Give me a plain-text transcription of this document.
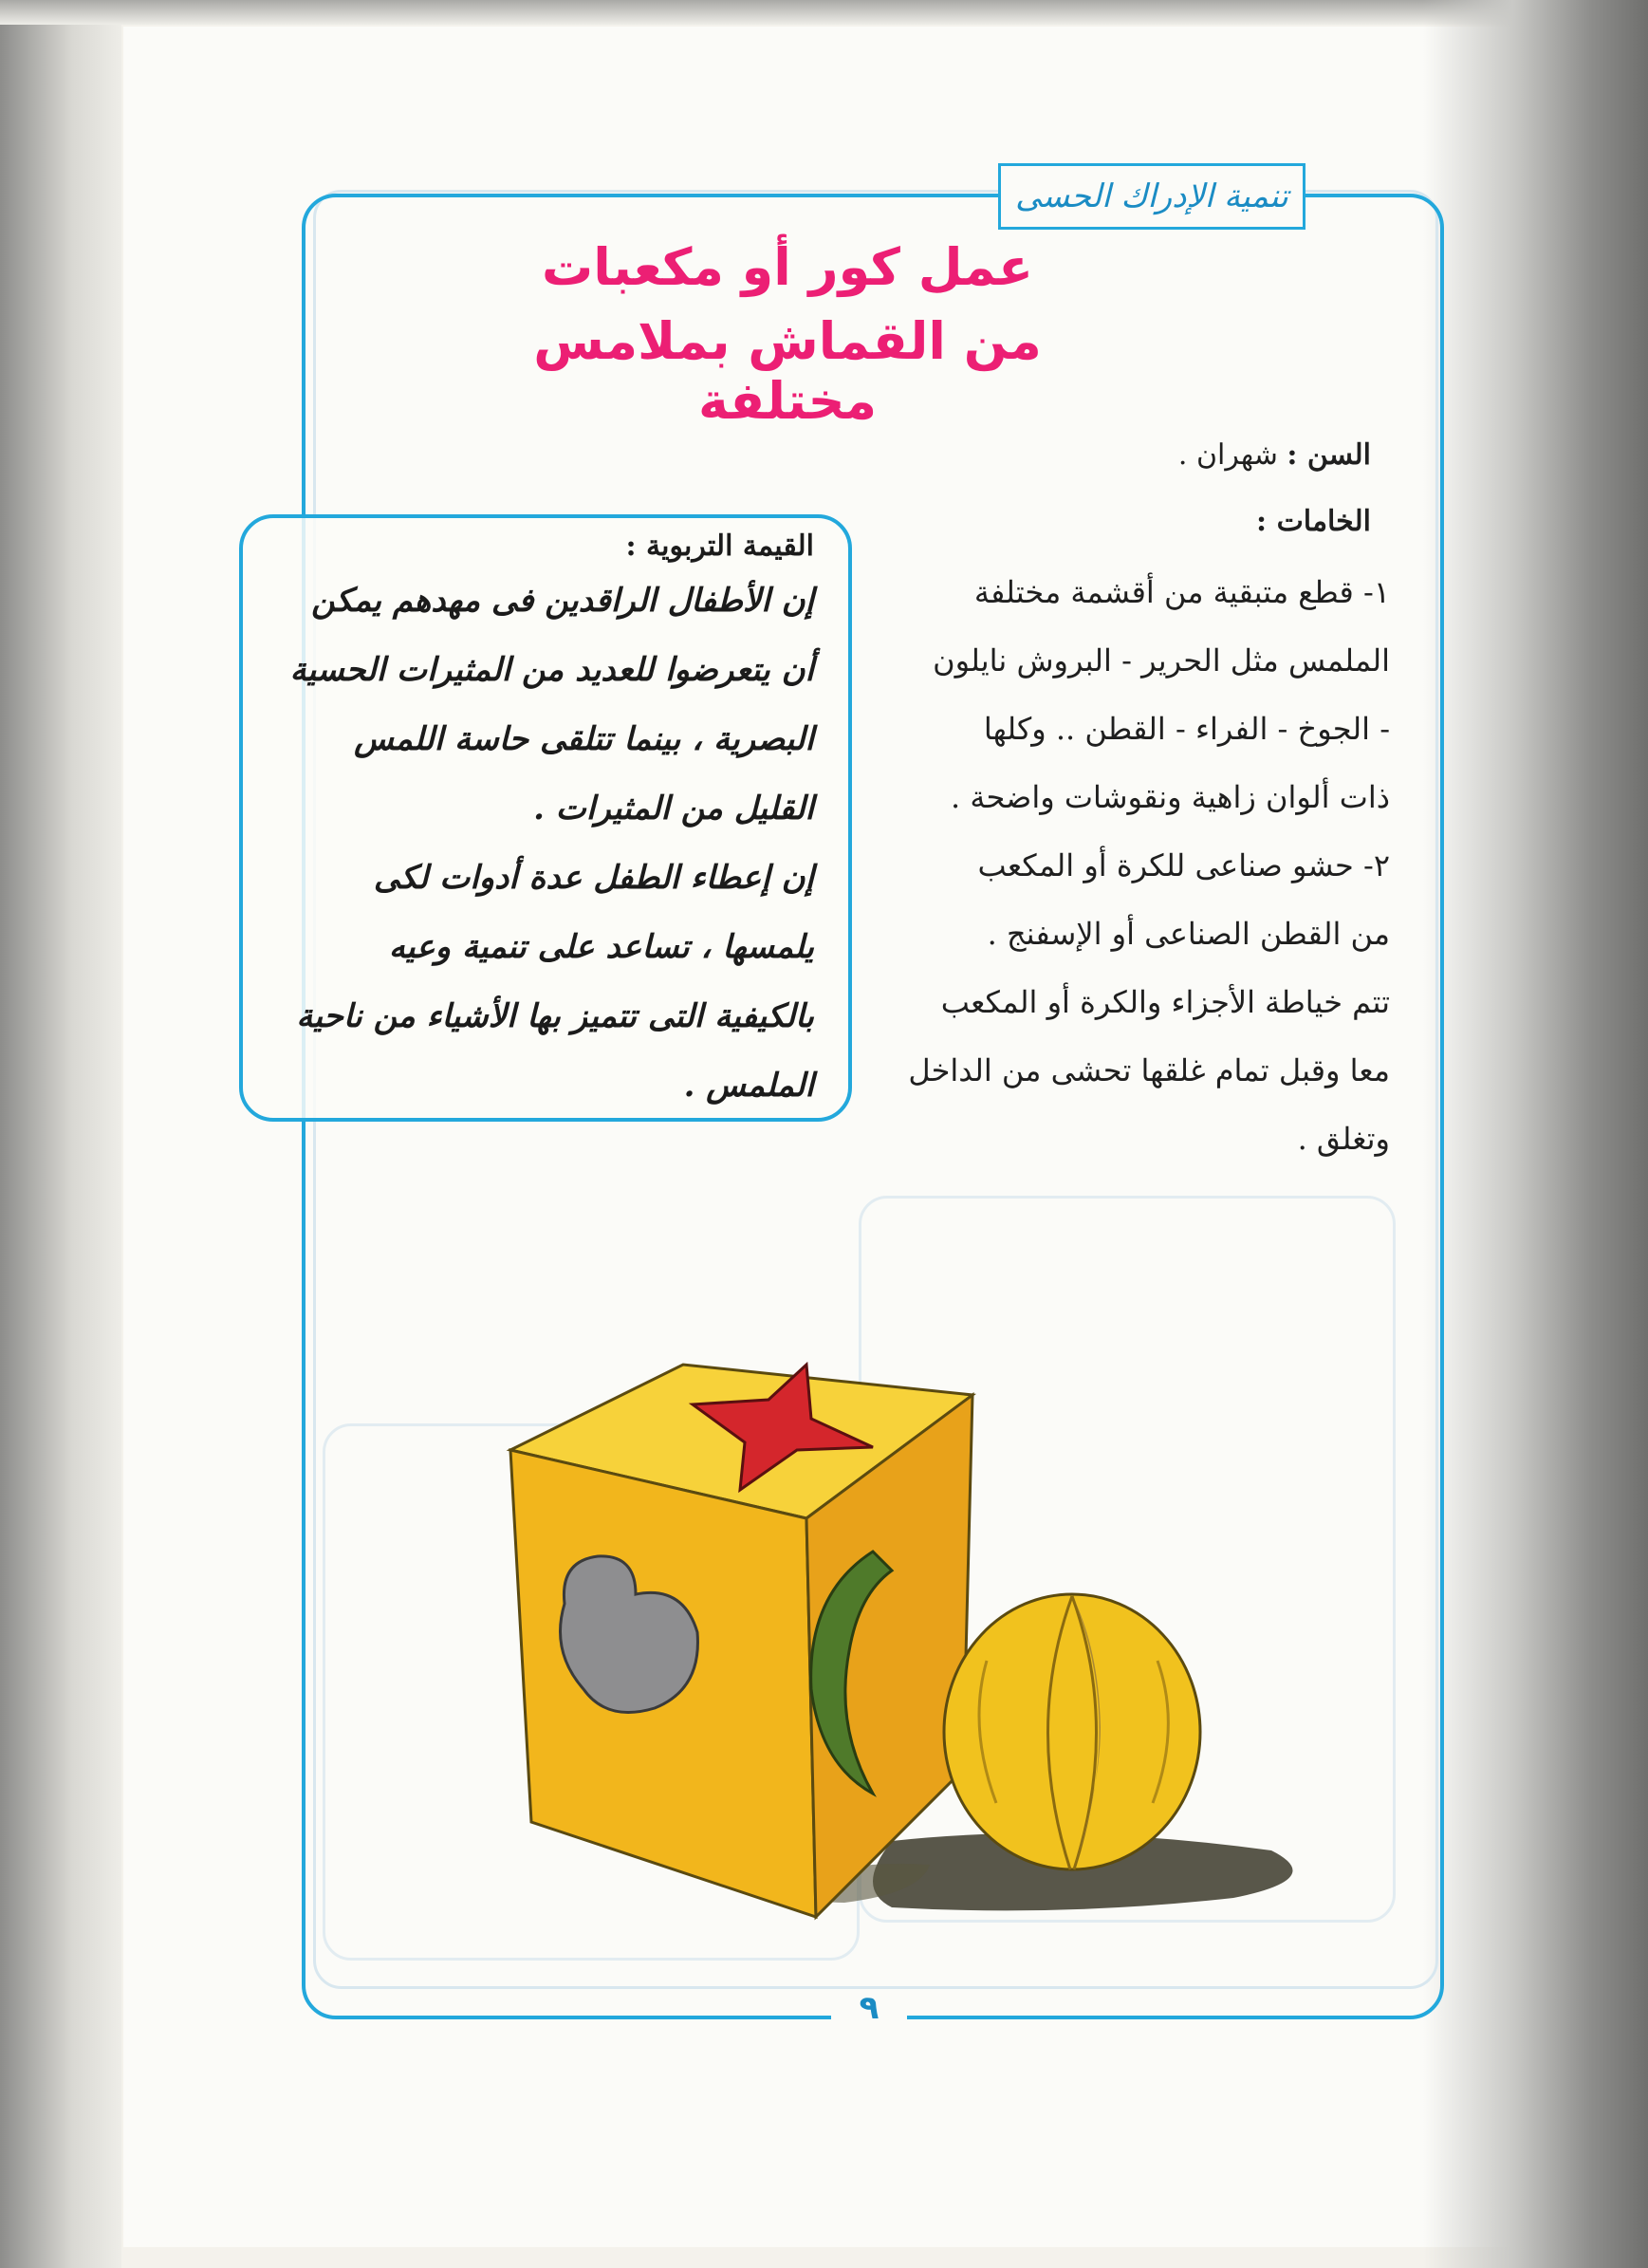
تنمية الإدراك الحسى
عمل كور أو مكعبات
من القماش بملامس مختلفة
السن : شهران .
الخامات :

١- قطع متبقية من أقشمة مختلفة

الملمس مثل الحرير - البروش نايلون

- الجوخ - الفراء - القطن .. وكلها

ذات ألوان زاهية ونقوشات واضحة .

٢- حشو صناعى للكرة أو المكعب

من القطن الصناعى أو الإسفنج .

تتم خياطة الأجزاء والكرة أو المكعب

معا وقبل تمام غلقها تحشى من الداخل

وتغلق .

القيمة التربوية :

إن الأطفال الراقدين فى مهدهم يمكن

أن يتعرضوا للعديد من المثيرات الحسية

البصرية ، بينما تتلقى حاسة اللمس

القليل من المثيرات .

إن إعطاء الطفل عدة أدوات لكى

يلمسها ، تساعد على تنمية وعيه

بالكيفية التى تتميز بها الأشياء من ناحية

الملمس .

٩
